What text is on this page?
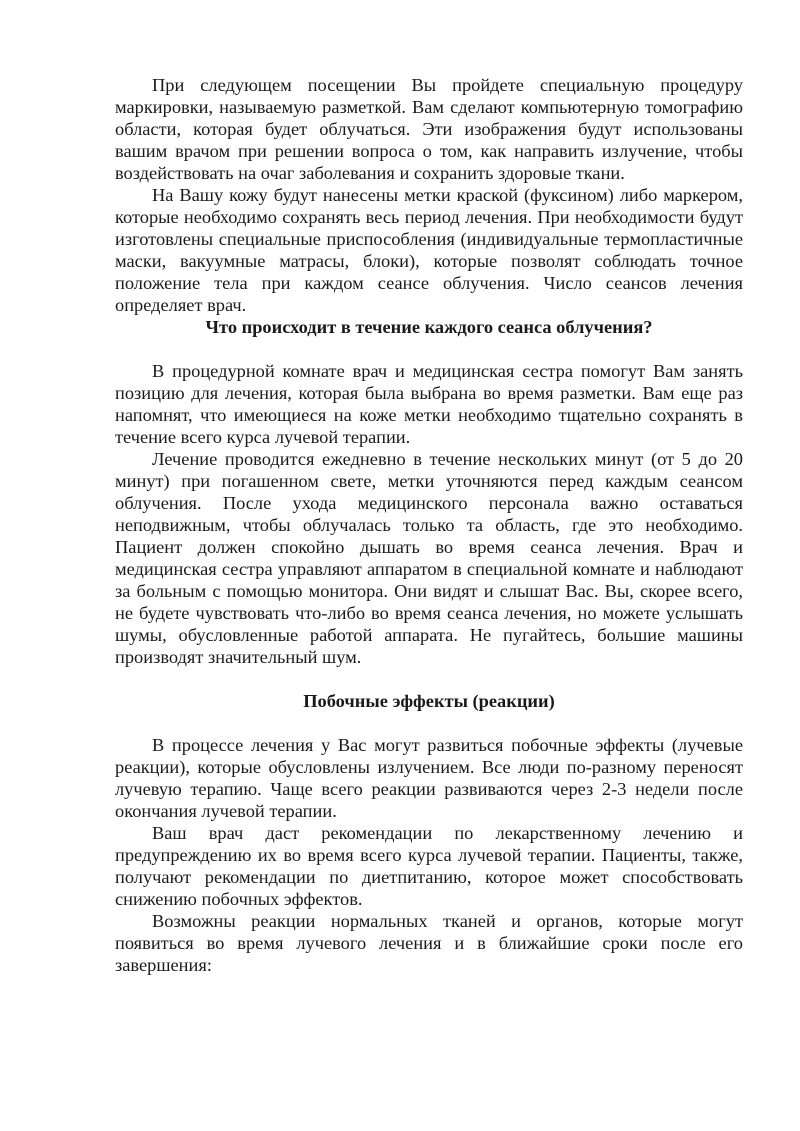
При следующем посещении Вы пройдете специальную процедуру маркировки, называемую разметкой. Вам сделают компьютерную томографию области, которая будет облучаться. Эти изображения будут использованы вашим врачом при решении вопроса о том, как направить излучение, чтобы воздействовать на очаг заболевания и сохранить здоровые ткани.

На Вашу кожу будут нанесены метки краской (фуксином) либо маркером, которые необходимо сохранять весь период лечения. При необходимости будут изготовлены специальные приспособления (индивидуальные термопластичные маски, вакуумные матрасы, блоки), которые позволят соблюдать точное положение тела при каждом сеансе облучения. Число сеансов лечения определяет врач.

Что происходит в течение каждого сеанса облучения?

В процедурной комнате врач и медицинская сестра помогут Вам занять позицию для лечения, которая была выбрана во время разметки. Вам еще раз напомнят, что имеющиеся на коже метки необходимо тщательно сохранять в течение всего курса лучевой терапии.

Лечение проводится ежедневно в течение нескольких минут (от 5 до 20 минут) при погашенном свете, метки уточняются перед каждым сеансом облучения. После ухода медицинского персонала важно оставаться неподвижным, чтобы облучалась только та область, где это необходимо. Пациент должен спокойно дышать во время сеанса лечения. Врач и медицинская сестра управляют аппаратом в специальной комнате и наблюдают за больным с помощью монитора. Они видят и слышат Вас. Вы, скорее всего, не будете чувствовать что-либо во время сеанса лечения, но можете услышать шумы, обусловленные работой аппарата. Не пугайтесь, большие машины производят значительный шум.

Побочные эффекты (реакции)

В процессе лечения у Вас могут развиться побочные эффекты (лучевые реакции), которые обусловлены излучением. Все люди по-разному переносят лучевую терапию. Чаще всего реакции развиваются через 2-3 недели после окончания лучевой терапии.

Ваш врач даст рекомендации по лекарственному лечению и предупреждению их во время всего курса лучевой терапии. Пациенты, также, получают рекомендации по диетпитанию, которое может способствовать снижению побочных эффектов.

Возможны реакции нормальных тканей и органов, которые могут появиться во время лучевого лечения и в ближайшие сроки после его завершения:
